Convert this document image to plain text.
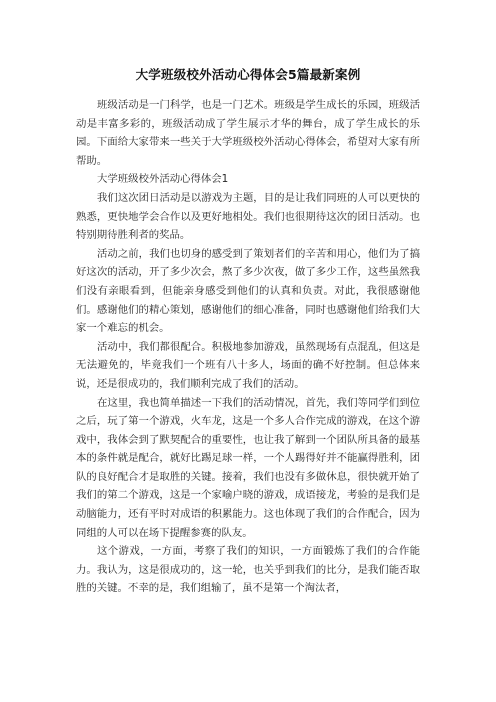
大学班级校外活动心得体会5篇最新案例

班级活动是一门科学，也是一门艺术。班级是学生成长的乐园，班级活动是丰富多彩的，班级活动成了学生展示才华的舞台，成了学生成长的乐园。下面给大家带来一些关于大学班级校外活动心得体会，希望对大家有所帮助。

大学班级校外活动心得体会1

我们这次团日活动是以游戏为主题，目的是让我们同班的人可以更快的熟悉，更快地学会合作以及更好地相处。我们也很期待这次的团日活动。也特别期待胜利者的奖品。

活动之前，我们也切身的感受到了策划者们的辛苦和用心，他们为了搞好这次的活动，开了多少次会，熬了多少次夜，做了多少工作，这些虽然我们没有亲眼看到，但能亲身感受到他们的认真和负责。对此，我很感谢他们。感谢他们的精心策划，感谢他们的细心准备，同时也感谢他们给我们大家一个难忘的机会。

活动中，我们都很配合。积极地参加游戏，虽然现场有点混乱，但这是无法避免的，毕竟我们一个班有八十多人，场面的确不好控制。但总体来说，还是很成功的，我们顺利完成了我们的活动。

在这里，我也简单描述一下我们的活动情况，首先，我们等同学们到位之后，玩了第一个游戏，火车龙，这是一个多人合作完成的游戏，在这个游戏中，我体会到了默契配合的重要性，也让我了解到一个团队所具备的最基本的条件就是配合，就好比踢足球一样，一个人踢得好并不能赢得胜利，团队的良好配合才是取胜的关键。接着，我们也没有多做休息，很快就开始了我们的第二个游戏，这是一个家喻户晓的游戏，成语接龙，考验的是我们是动脑能力，还有平时对成语的积累能力。这也体现了我们的合作配合，因为同组的人可以在场下提醒参赛的队友。

这个游戏，一方面，考察了我们的知识，一方面锻炼了我们的合作能力。我认为，这是很成功的，这一轮，也关乎到我们的比分，是我们能否取胜的关键。不幸的是，我们组输了，虽不是第一个淘汰者，
